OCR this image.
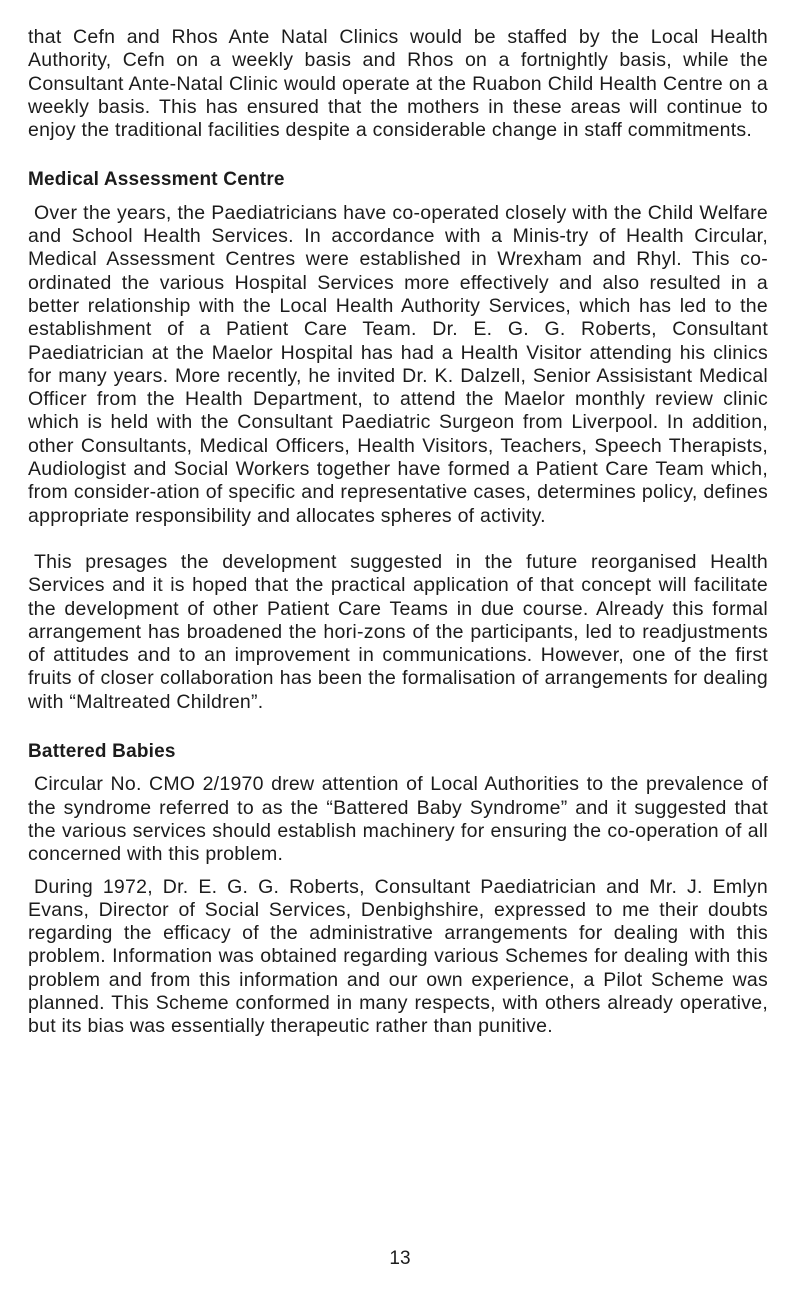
that Cefn and Rhos Ante Natal Clinics would be staffed by the Local Health Authority, Cefn on a weekly basis and Rhos on a fortnightly basis, while the Consultant Ante-Natal Clinic would operate at the Ruabon Child Health Centre on a weekly basis. This has ensured that the mothers in these areas will continue to enjoy the traditional facilities despite a considerable change in staff commitments.

Medical Assessment Centre

Over the years, the Paediatricians have co-operated closely with the Child Welfare and School Health Services. In accordance with a Minis-try of Health Circular, Medical Assessment Centres were established in Wrexham and Rhyl. This co-ordinated the various Hospital Services more effectively and also resulted in a better relationship with the Local Health Authority Services, which has led to the establishment of a Patient Care Team. Dr. E. G. G. Roberts, Consultant Paediatrician at the Maelor Hospital has had a Health Visitor attending his clinics for many years. More recently, he invited Dr. K. Dalzell, Senior Assisistant Medical Officer from the Health Department, to attend the Maelor monthly review clinic which is held with the Consultant Paediatric Surgeon from Liverpool. In addition, other Consultants, Medical Officers, Health Visitors, Teachers, Speech Therapists, Audiologist and Social Workers together have formed a Patient Care Team which, from consider-ation of specific and representative cases, determines policy, defines appropriate responsibility and allocates spheres of activity.

This presages the development suggested in the future reorganised Health Services and it is hoped that the practical application of that concept will facilitate the development of other Patient Care Teams in due course. Already this formal arrangement has broadened the hori-zons of the participants, led to readjustments of attitudes and to an improvement in communications. However, one of the first fruits of closer collaboration has been the formalisation of arrangements for dealing with “Maltreated Children”.

Battered Babies

Circular No. CMO 2/1970 drew attention of Local Authorities to the prevalence of the syndrome referred to as the “Battered Baby Syndrome” and it suggested that the various services should establish machinery for ensuring the co-operation of all concerned with this problem.

During 1972, Dr. E. G. G. Roberts, Consultant Paediatrician and Mr. J. Emlyn Evans, Director of Social Services, Denbighshire, expressed to me their doubts regarding the efficacy of the administrative arrangements for dealing with this problem. Information was obtained regarding various Schemes for dealing with this problem and from this information and our own experience, a Pilot Scheme was planned. This Scheme conformed in many respects, with others already operative, but its bias was essentially therapeutic rather than punitive.

13
